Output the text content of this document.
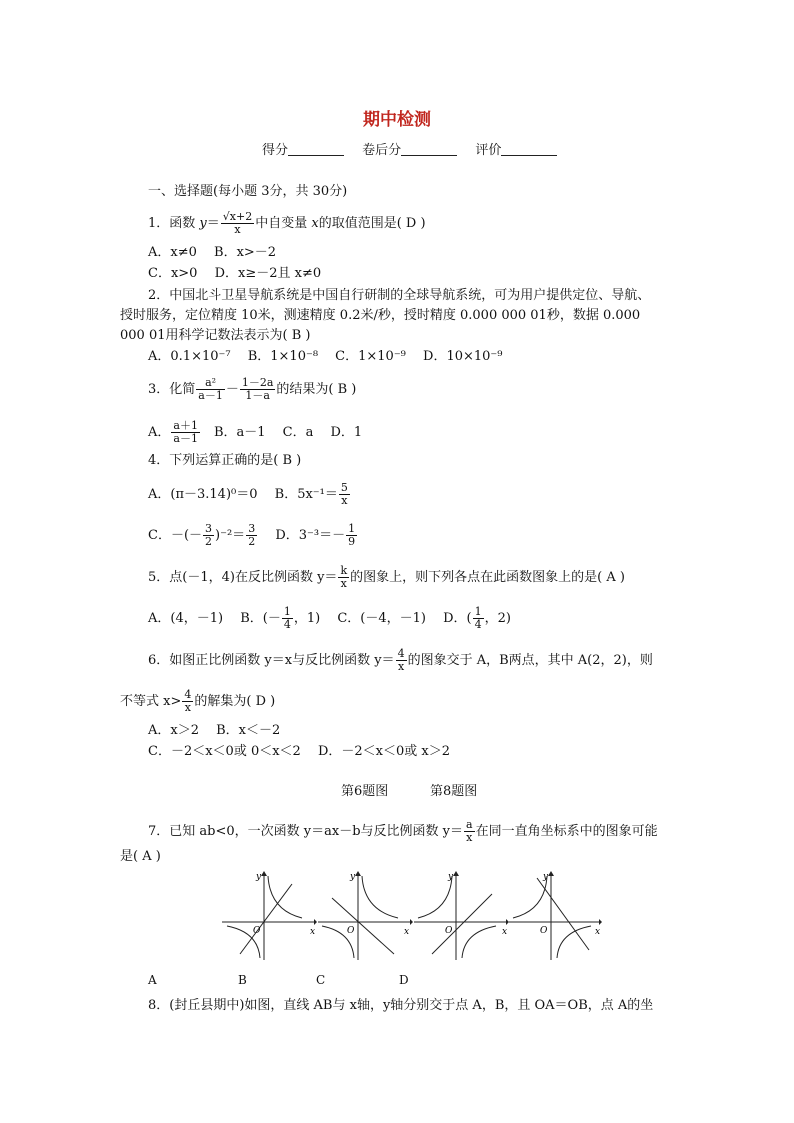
期中检测
得分	卷后分	评价
一、选择题(每小题 3分，共 30分)
1．函数 $y= \frac{√x+2}{x}$ 中自变量 x的取值范围是( D )
A．x≠0　 B．x>－2
C．x>0　 D．x≥－2且 x≠0
2．中国北斗卫星导航系统是中国自行研制的全球导航系统，可为用户提供定位、导航、
授时服务，定位精度 10米，测速精度 0.2米/秒，授时精度 0.000 000 01秒，数据 0.000
000 01用科学记数法表示为( B )
A．0.1×10⁻⁷　 B．1×10⁻⁸　 C．1×10⁻⁹　 D．10×10⁻⁹
3．化简 $\frac{\text{a²}}{a-1} - \frac{1-2a}{1-a}$ 的结果为( B )
A． $\frac{a+1}{a-1}$ 　B．a－1　 C．a　 D．1
4．下列运算正确的是( B )
A．(π－3.14)⁰＝0　 B．$5x^{-1}= \frac{5}{x}$
C．－(－ $\frac{3}{2} )^{-2}= \frac{3}{2}$ 　 D．$3^{-3}=- \frac{1}{9}$
5．点(－1，4)在反比例函数 $y= \frac{k}{x}$ 的图象上，则下列各点在此函数图象上的是( A )
A．(4，－1)　 B．(－ $\frac{1}{4}$ ，1)　 C．(－4，－1)　 D．( $\frac{1}{4}$ ，2)
6．如图正比例函数 y＝x与反比例函数 $y= \frac{4}{x}$ 的图象交于 A，B两点，其中 A(2，2)，则
不等式 $x> \frac{4}{x}$ 的解集为( D )
A．x＞2　 B．x＜－2
C．－2＜x＜0或 0＜x＜2　 D．－2＜x＜0或 x＞2
第6题图	第8题图
7．已知 ab<0，一次函数 y＝ax－b与反比例函数 $y= \frac{a}{x}$ 在同一直角坐标系中的图象可能
是( A )
y
x
O
y
x
O
y
x
O
y
x
O
A	B	C	D
8．(封丘县期中)如图，直线 AB与 x轴，y轴分别交于点 A，B，且 OA＝OB，点 A的坐
